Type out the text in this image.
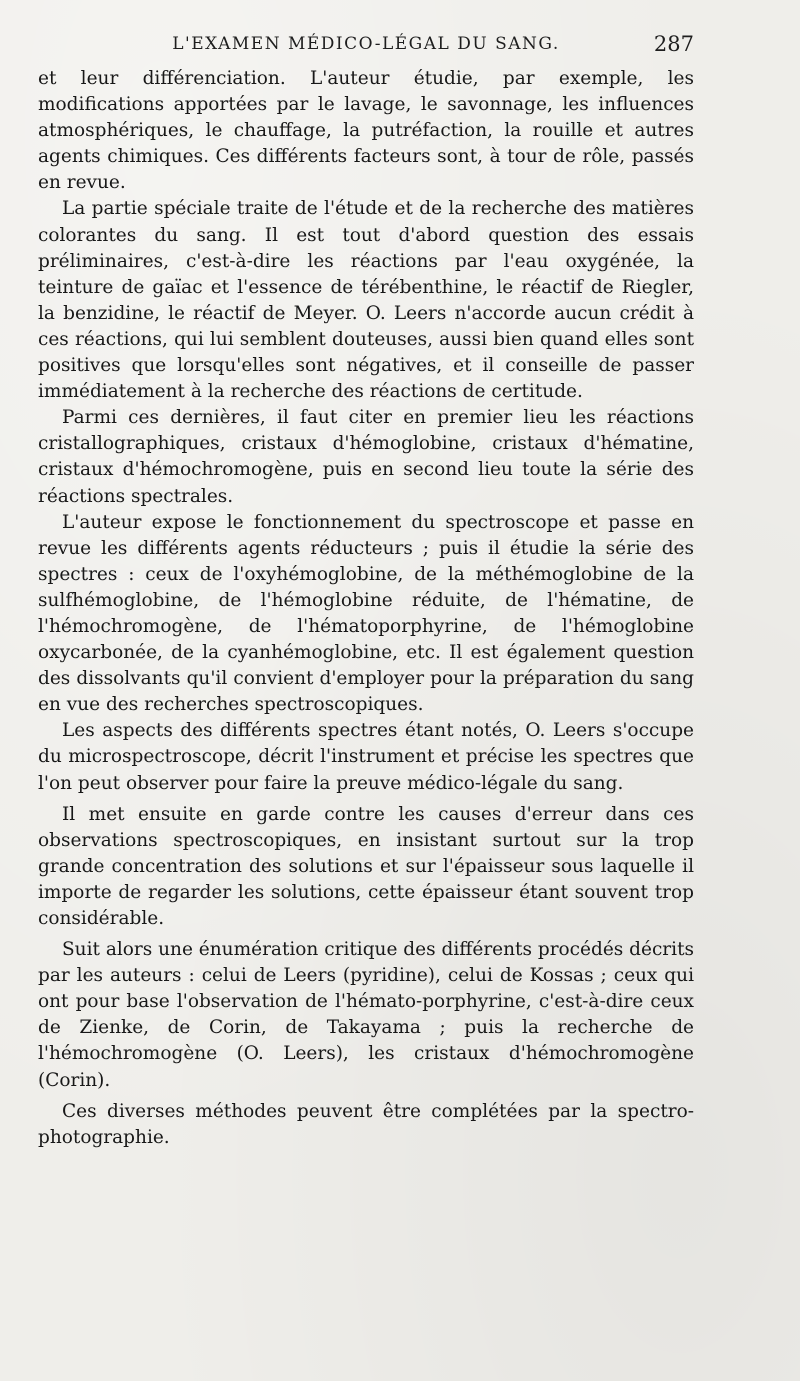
L'EXAMEN MÉDICO-LÉGAL DU SANG.	287

et leur différenciation. L'auteur étudie, par exemple, les modifications apportées par le lavage, le savonnage, les influences atmosphériques, le chauffage, la putréfaction, la rouille et autres agents chimiques. Ces différents facteurs sont, à tour de rôle, passés en revue.

La partie spéciale traite de l'étude et de la recherche des matières colorantes du sang. Il est tout d'abord question des essais préliminaires, c'est-à-dire les réactions par l'eau oxygénée, la teinture de gaïac et l'essence de térébenthine, le réactif de Riegler, la benzidine, le réactif de Meyer. O. Leers n'accorde aucun crédit à ces réactions, qui lui semblent douteuses, aussi bien quand elles sont positives que lorsqu'elles sont négatives, et il conseille de passer immédiatement à la recherche des réactions de certitude.

Parmi ces dernières, il faut citer en premier lieu les réactions cristallographiques, cristaux d'hémoglobine, cristaux d'hématine, cristaux d'hémochromogène, puis en second lieu toute la série des réactions spectrales.

L'auteur expose le fonctionnement du spectroscope et passe en revue les différents agents réducteurs ; puis il étudie la série des spectres : ceux de l'oxyhémoglobine, de la méthémoglobine de la sulfhémoglobine, de l'hémoglobine réduite, de l'hématine, de l'hémochromogène, de l'hématoporphyrine, de l'hémoglobine oxycarbonée, de la cyanhémoglobine, etc. Il est également question des dissolvants qu'il convient d'employer pour la préparation du sang en vue des recherches spectroscopiques.

Les aspects des différents spectres étant notés, O. Leers s'occupe du microspectroscope, décrit l'instrument et précise les spectres que l'on peut observer pour faire la preuve médico-légale du sang.

Il met ensuite en garde contre les causes d'erreur dans ces observations spectroscopiques, en insistant surtout sur la trop grande concentration des solutions et sur l'épaisseur sous laquelle il importe de regarder les solutions, cette épaisseur étant souvent trop considérable.

Suit alors une énumération critique des différents procédés décrits par les auteurs : celui de Leers (pyridine), celui de Kossas ; ceux qui ont pour base l'observation de l'hémato-porphyrine, c'est-à-dire ceux de Zienke, de Corin, de Takayama ; puis la recherche de l'hémochromogène (O. Leers), les cristaux d'hémochromogène (Corin).

Ces diverses méthodes peuvent être complétées par la spectro-photographie.
